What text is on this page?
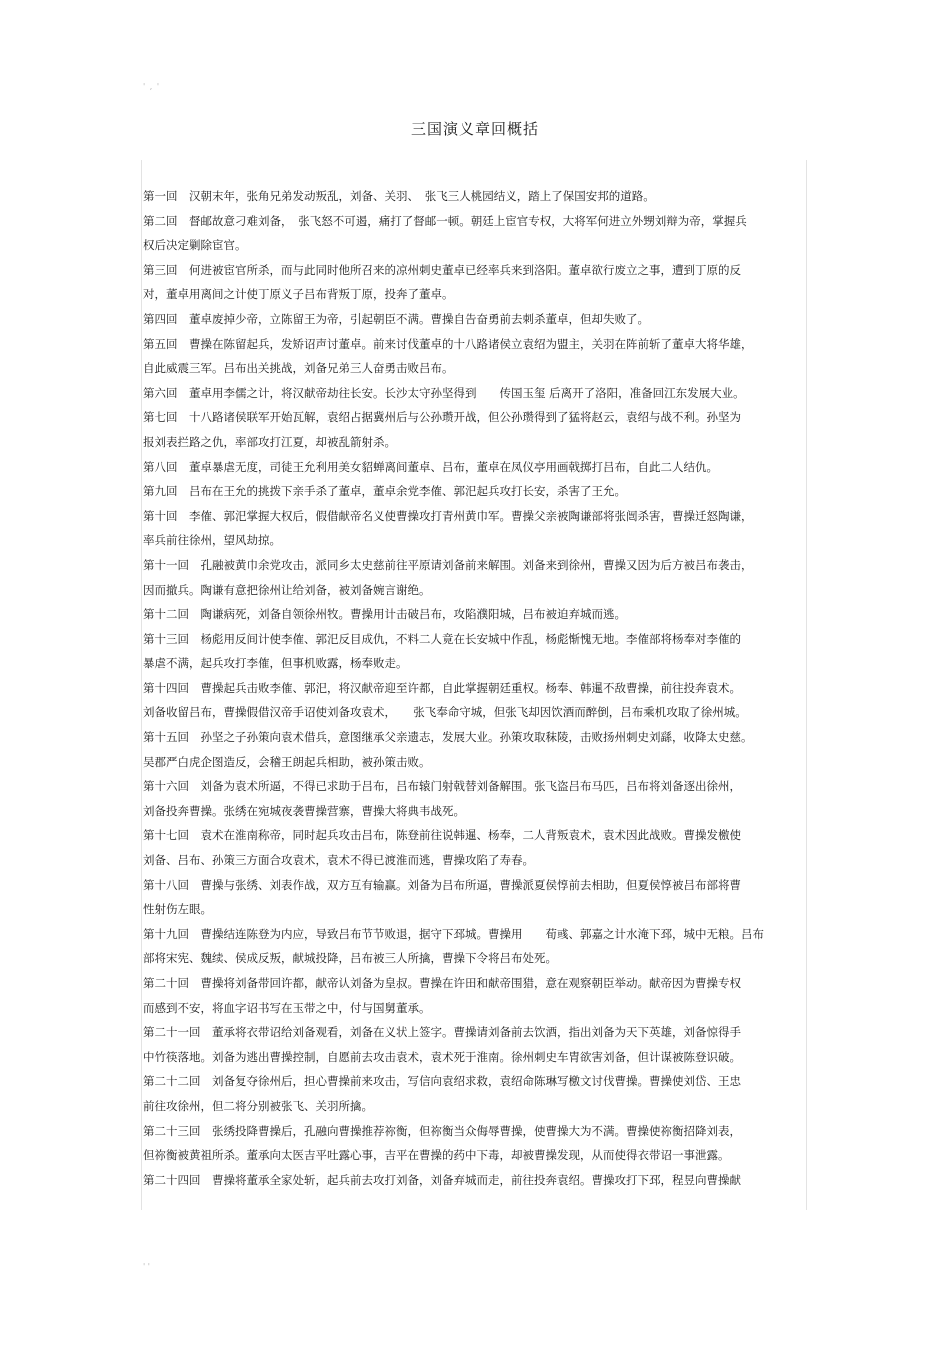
' , '
三国演义章回概括

第一回　汉朝末年，张角兄弟发动叛乱，刘备、关羽、　张飞三人桃园结义，踏上了保国安邦的道路。

第二回　督邮故意刁难刘备，　张飞怒不可遏，痛打了督邮一顿。朝廷上宦官专权，大将军何进立外甥刘辩为帝，掌握兵

权后决定剿除宦官。

第三回　何进被宦官所杀，而与此同时他所召来的凉州刺史董卓已经率兵来到洛阳。董卓欲行废立之事，遭到丁原的反

对，董卓用离间之计使丁原义子吕布背叛丁原，投奔了董卓。

第四回　董卓废掉少帝，立陈留王为帝，引起朝臣不满。曹操自告奋勇前去刺杀董卓，但却失败了。

第五回　曹操在陈留起兵，发矫诏声讨董卓。前来讨伐董卓的十八路诸侯立袁绍为盟主，关羽在阵前斩了董卓大将华雄，

自此威震三军。吕布出关挑战，刘备兄弟三人奋勇击败吕布。

第六回　董卓用李儒之计，将汉献帝劫往长安。长沙太守孙坚得到　　传国玉玺 后离开了洛阳，准备回江东发展大业。

第七回　十八路诸侯联军开始瓦解，袁绍占据冀州后与公孙瓒开战，但公孙瓒得到了猛将赵云，袁绍与战不利。孙坚为

报刘表拦路之仇，率部攻打江夏，却被乱箭射杀。

第八回　董卓暴虐无度，司徒王允利用美女貂蝉离间董卓、吕布，董卓在凤仪亭用画戟掷打吕布，自此二人结仇。

第九回　吕布在王允的挑拨下亲手杀了董卓，董卓余党李傕、郭汜起兵攻打长安，杀害了王允。

第十回　李傕、郭汜掌握大权后，假借献帝名义使曹操攻打青州黄巾军。曹操父亲被陶谦部将张闿杀害，曹操迁怒陶谦，

率兵前往徐州，望风劫掠。

第十一回　孔融被黄巾余党攻击，派同乡太史慈前往平原请刘备前来解围。刘备来到徐州，曹操又因为后方被吕布袭击，

因而撤兵。陶谦有意把徐州让给刘备，被刘备婉言谢绝。

第十二回　陶谦病死，刘备自领徐州牧。曹操用计击破吕布，攻陷濮阳城，吕布被迫弃城而逃。

第十三回　杨彪用反间计使李傕、郭汜反目成仇，不料二人竟在长安城中作乱，杨彪惭愧无地。李傕部将杨奉对李傕的

暴虐不满，起兵攻打李傕，但事机败露，杨奉败走。

第十四回　曹操起兵击败李傕、郭汜，将汉献帝迎至许都，自此掌握朝廷重权。杨奉、韩暹不敌曹操，前往投奔袁术。

刘备收留吕布，曹操假借汉帝手诏使刘备攻袁术，　　张飞奉命守城，但张飞却因饮酒而醉倒，吕布乘机攻取了徐州城。

第十五回　孙坚之子孙策向袁术借兵，意图继承父亲遗志，发展大业。孙策攻取秣陵，击败扬州刺史刘繇，收降太史慈。

吴郡严白虎企图造反，会稽王朗起兵相助，被孙策击败。

第十六回　刘备为袁术所逼，不得已求助于吕布，吕布辕门射戟替刘备解围。张飞盗吕布马匹，吕布将刘备逐出徐州，

刘备投奔曹操。张绣在宛城夜袭曹操营寨，曹操大将典韦战死。

第十七回　袁术在淮南称帝，同时起兵攻击吕布，陈登前往说韩暹、杨奉，二人背叛袁术，袁术因此战败。曹操发檄使

刘备、吕布、孙策三方面合攻袁术，袁术不得已渡淮而逃，曹操攻陷了寿春。

第十八回　曹操与张绣、刘表作战，双方互有输赢。刘备为吕布所逼，曹操派夏侯惇前去相助，但夏侯惇被吕布部将曹

性射伤左眼。

第十九回　曹操结连陈登为内应，导致吕布节节败退，据守下邳城。曹操用　　荀彧、郭嘉之计水淹下邳，城中无粮。吕布

部将宋宪、魏续、侯成反叛，献城投降，吕布被三人所擒，曹操下令将吕布处死。

第二十回　曹操将刘备带回许都，献帝认刘备为皇叔。曹操在许田和献帝围猎，意在观察朝臣举动。献帝因为曹操专权

而感到不安，将血字诏书写在玉带之中，付与国舅董承。

第二十一回　董承将衣带诏给刘备观看，刘备在义状上签字。曹操请刘备前去饮酒，指出刘备为天下英雄，刘备惊得手

中竹筷落地。刘备为逃出曹操控制，自愿前去攻击袁术，袁术死于淮南。徐州刺史车胄欲害刘备，但计谋被陈登识破。

第二十二回　刘备复夺徐州后，担心曹操前来攻击，写信向袁绍求救，袁绍命陈琳写檄文讨伐曹操。曹操使刘岱、王忠

前往攻徐州，但二将分别被张飞、关羽所擒。

第二十三回　张绣投降曹操后，孔融向曹操推荐祢衡，但祢衡当众侮辱曹操，使曹操大为不满。曹操使祢衡招降刘表，

但祢衡被黄祖所杀。董承向太医吉平吐露心事，吉平在曹操的药中下毒，却被曹操发现，从而使得衣带诏一事泄露。

第二十四回　曹操将董承全家处斩，起兵前去攻打刘备，刘备弃城而走，前往投奔袁绍。曹操攻打下邳，程昱向曹操献

' '
